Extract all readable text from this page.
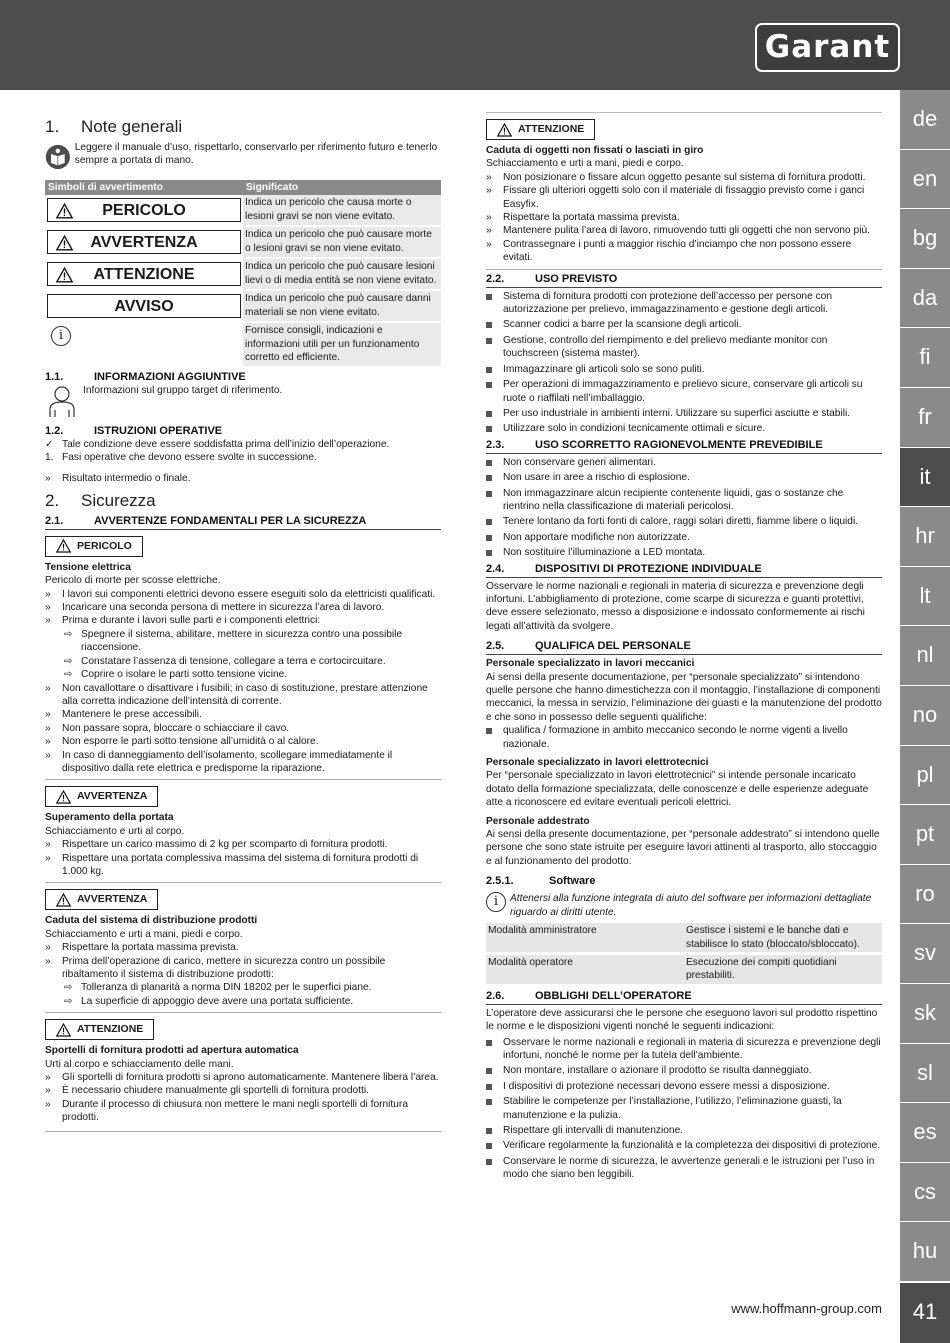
Garant
de
en
bg
da
fi
fr
it
hr
lt
nl
no
pl
pt
ro
sv
sk
sl
es
cs
hu
41
www.hoffmann-group.com
1. Note generali

Leggere il manuale d’uso, rispettarlo, conservarlo per riferimento futuro e tenerlo sempre a portata di mano.

Simboli di avvertimento	Significato

PERICOLO	Indica un pericolo che causa morte o lesioni gravi se non viene evitato.

AVVERTENZA	Indica un pericolo che può causare morte o lesioni gravi se non viene evitato.

ATTENZIONE	Indica un pericolo che può causare lesioni lievi o di media entità se non viene evitato.

AVVISO	Indica un pericolo che può causare danni materiali se non viene evitato.
i	Fornisce consigli, indicazioni e informazioni utili per un funzionamento corretto ed efficiente.
1.1.	INFORMAZIONI AGGIUNTIVE

Informazioni sul gruppo target di riferimento.

1.2.	ISTRUZIONI OPERATIVE
✓ Tale condizione deve essere soddisfatta prima dell’inizio dell’operazione.
1. Fasi operative che devono essere svolte in successione.
» Risultato intermedio o finale.
2. Sicurezza
2.1.	AVVERTENZE FONDAMENTALI PER LA SICUREZZA
PERICOLO

Tensione elettrica

Pericolo di morte per scosse elettriche.

» I lavori sui componenti elettrici devono essere eseguiti solo da elettricisti qualificati.
» Incaricare una seconda persona di mettere in sicurezza l’area di lavoro.
» Prima e durante i lavori sulle parti e i componenti elettrici:
⇨ Spegnere il sistema, abilitare, mettere in sicurezza contro una possibile riaccensione.
⇨ Constatare l’assenza di tensione, collegare a terra e cortocircuitare.
⇨ Coprire o isolare le parti sotto tensione vicine.
» Non cavallottare o disattivare i fusibili; in caso di sostituzione, prestare attenzione alla corretta indicazione dell’intensità di corrente.
» Mantenere le prese accessibili.
» Non passare sopra, bloccare o schiacciare il cavo.
» Non esporre le parti sotto tensione all’umidità o al calore.
» In caso di danneggiamento dell’isolamento, scollegare immediatamente il dispositivo dalla rete elettrica e predisporne la riparazione.
AVVERTENZA

Superamento della portata

Schiacciamento e urti al corpo.

» Rispettare un carico massimo di 2 kg per scomparto di fornitura prodotti.
» Rispettare una portata complessiva massima del sistema di fornitura prodotti di 1.000 kg.
AVVERTENZA

Caduta del sistema di distribuzione prodotti

Schiacciamento e urti a mani, piedi e corpo.

» Rispettare la portata massima prevista.
» Prima dell’operazione di carico, mettere in sicurezza contro un possibile ribaltamento il sistema di distribuzione prodotti:
⇨ Tolleranza di planarità a norma DIN 18202 per le superfici piane.
⇨ La superficie di appoggio deve avere una portata sufficiente.
ATTENZIONE

Sportelli di fornitura prodotti ad apertura automatica

Urti al corpo e schiacciamento delle mani.

» Gli sportelli di fornitura prodotti si aprono automaticamente. Mantenere libera l’area.
» È necessario chiudere manualmente gli sportelli di fornitura prodotti.
» Durante il processo di chiusura non mettere le mani negli sportelli di fornitura prodotti.
ATTENZIONE

Caduta di oggetti non fissati o lasciati in giro

Schiacciamento e urti a mani, piedi e corpo.

» Non posizionare o fissare alcun oggetto pesante sul sistema di fornitura prodotti.
» Fissare gli ulteriori oggetti solo con il materiale di fissaggio previsto come i ganci Easyfix.
» Rispettare la portata massima prevista.
» Mantenere pulita l’area di lavoro, rimuovendo tutti gli oggetti che non servono più.
» Contrassegnare i punti a maggior rischio d’inciampo che non possono essere evitati.
2.2.	USO PREVISTO
Sistema di fornitura prodotti con protezione dell’accesso per persone con autorizzazione per prelievo, immagazzinamento e gestione degli articoli.
Scanner codici a barre per la scansione degli articoli.
Gestione, controllo del riempimento e del prelievo mediante monitor con touchscreen (sistema master).
Immagazzinare gli articoli solo se sono puliti.
Per operazioni di immagazzinamento e prelievo sicure, conservare gli articoli su ruote o riaffilati nell’imballaggio.
Per uso industriale in ambienti interni. Utilizzare su superfici asciutte e stabili.
Utilizzare solo in condizioni tecnicamente ottimali e sicure.
2.3.	USO SCORRETTO RAGIONEVOLMENTE PREVEDIBILE
Non conservare generi alimentari.
Non usare in aree a rischio di esplosione.
Non immagazzinare alcun recipiente contenente liquidi, gas o sostanze che rientrino nella classificazione di materiali pericolosi.
Tenere lontano da forti fonti di calore, raggi solari diretti, fiamme libere o liquidi.
Non apportare modifiche non autorizzate.
Non sostituire l’illuminazione a LED montata.
2.4.	DISPOSITIVI DI PROTEZIONE INDIVIDUALE

Osservare le norme nazionali e regionali in materia di sicurezza e prevenzione degli infortuni. L’abbigliamento di protezione, come scarpe di sicurezza e guanti protettivi, deve essere selezionato, messo a disposizione e indossato conformemente ai rischi legati all’attività da svolgere.

2.5.	QUALIFICA DEL PERSONALE

Personale specializzato in lavori meccanici

Ai sensi della presente documentazione, per “personale specializzato” si intendono quelle persone che hanno dimestichezza con il montaggio, l’installazione di componenti meccanici, la messa in servizio, l’eliminazione dei guasti e la manutenzione del prodotto e che sono in possesso delle seguenti qualifiche:

qualifica / formazione in ambito meccanico secondo le norme vigenti a livello nazionale.

Personale specializzato in lavori elettrotecnici

Per “personale specializzato in lavori elettrotecnici” si intende personale incaricato dotato della formazione specializzata, delle conoscenze e delle esperienze adeguate atte a riconoscere ed evitare eventuali pericoli elettrici.

Personale addestrato

Ai sensi della presente documentazione, per “personale addestrato” si intendono quelle persone che sono state istruite per eseguire lavori attinenti al trasporto, allo stoccaggio e al funzionamento del prodotto.

2.5.1.	Software
i	Attenersi alla funzione integrata di aiuto del software per informazioni dettagliate riguardo ai diritti utente.
Modalità amministratore	Gestisce i sistemi e le banche dati e stabilisce lo stato (bloccato/sbloccato).
Modalità operatore	Esecuzione dei compiti quotidiani prestabiliti.
2.6.	OBBLIGHI DELL’OPERATORE

L’operatore deve assicurarsi che le persone che eseguono lavori sul prodotto rispettino le norme e le disposizioni vigenti nonché le seguenti indicazioni:

Osservare le norme nazionali e regionali in materia di sicurezza e prevenzione degli infortuni, nonché le norme per la tutela dell’ambiente.
Non montare, installare o azionare il prodotto se risulta danneggiato.
I dispositivi di protezione necessari devono essere messi a disposizione.
Stabilire le competenze per l’installazione, l’utilizzo, l’eliminazione guasti, la manutenzione e la pulizia.
Rispettare gli intervalli di manutenzione.
Verificare regolarmente la funzionalità e la completezza dei dispositivi di protezione.
Conservare le norme di sicurezza, le avvertenze generali e le istruzioni per l’uso in modo che siano ben leggibili.
